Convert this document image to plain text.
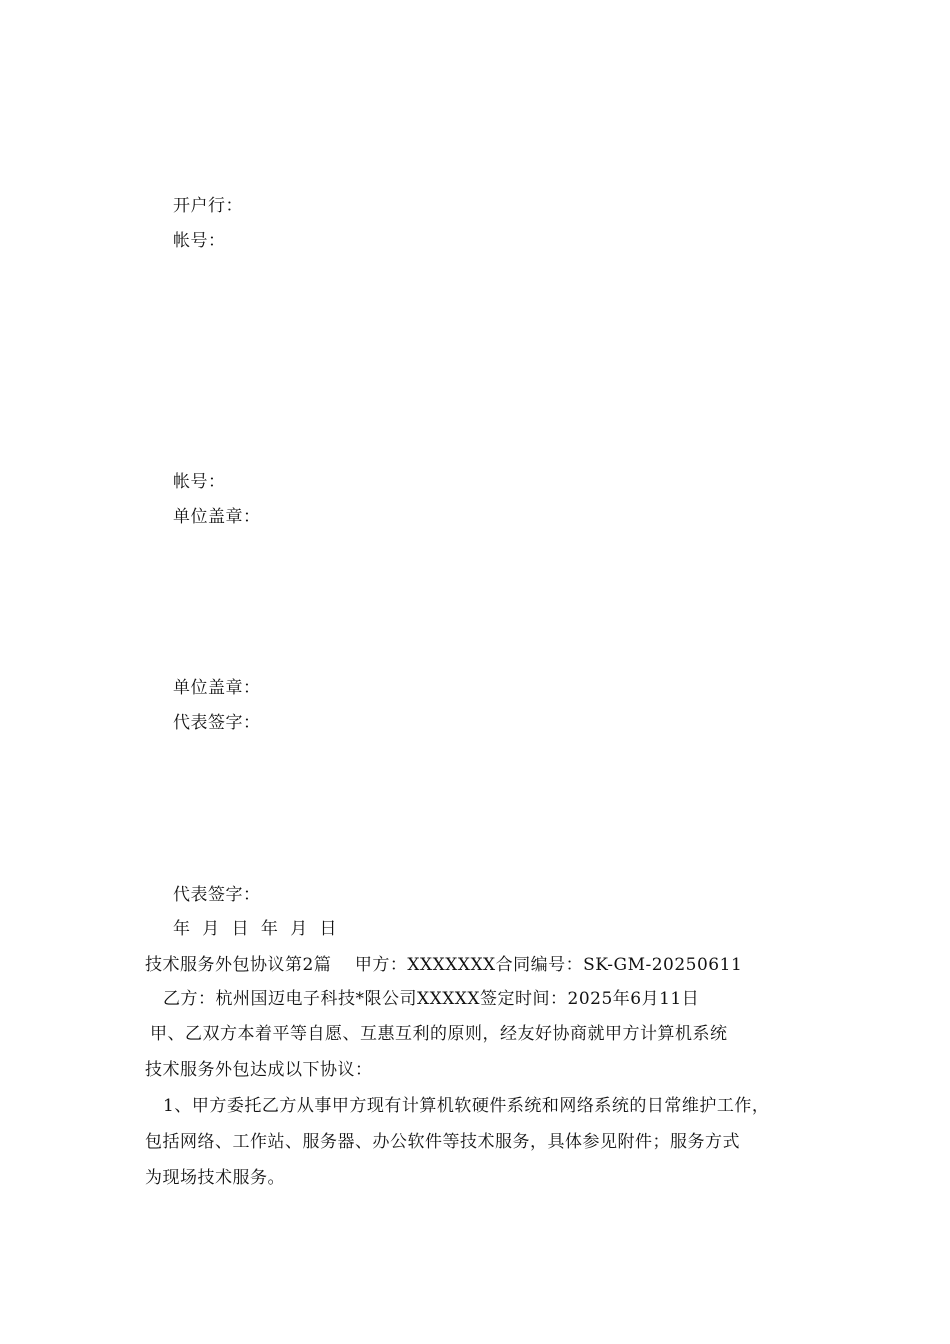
开户行：
帐号：
帐号：
单位盖章：
单位盖章：
代表签字：
代表签字：
年  月  日  年  月  日
技术服务外包协议第2篇    甲方：XXXXXXX合同编号：SK-GM-20250611
乙方：杭州国迈电子科技*限公司XXXXX签定时间：2025年6月11日
甲、乙双方本着平等自愿、互惠互利的原则，经友好协商就甲方计算机系统
技术服务外包达成以下协议：
1、甲方委托乙方从事甲方现有计算机软硬件系统和网络系统的日常维护工作，
包括网络、工作站、服务器、办公软件等技术服务，具体参见附件；服务方式
为现场技术服务。
